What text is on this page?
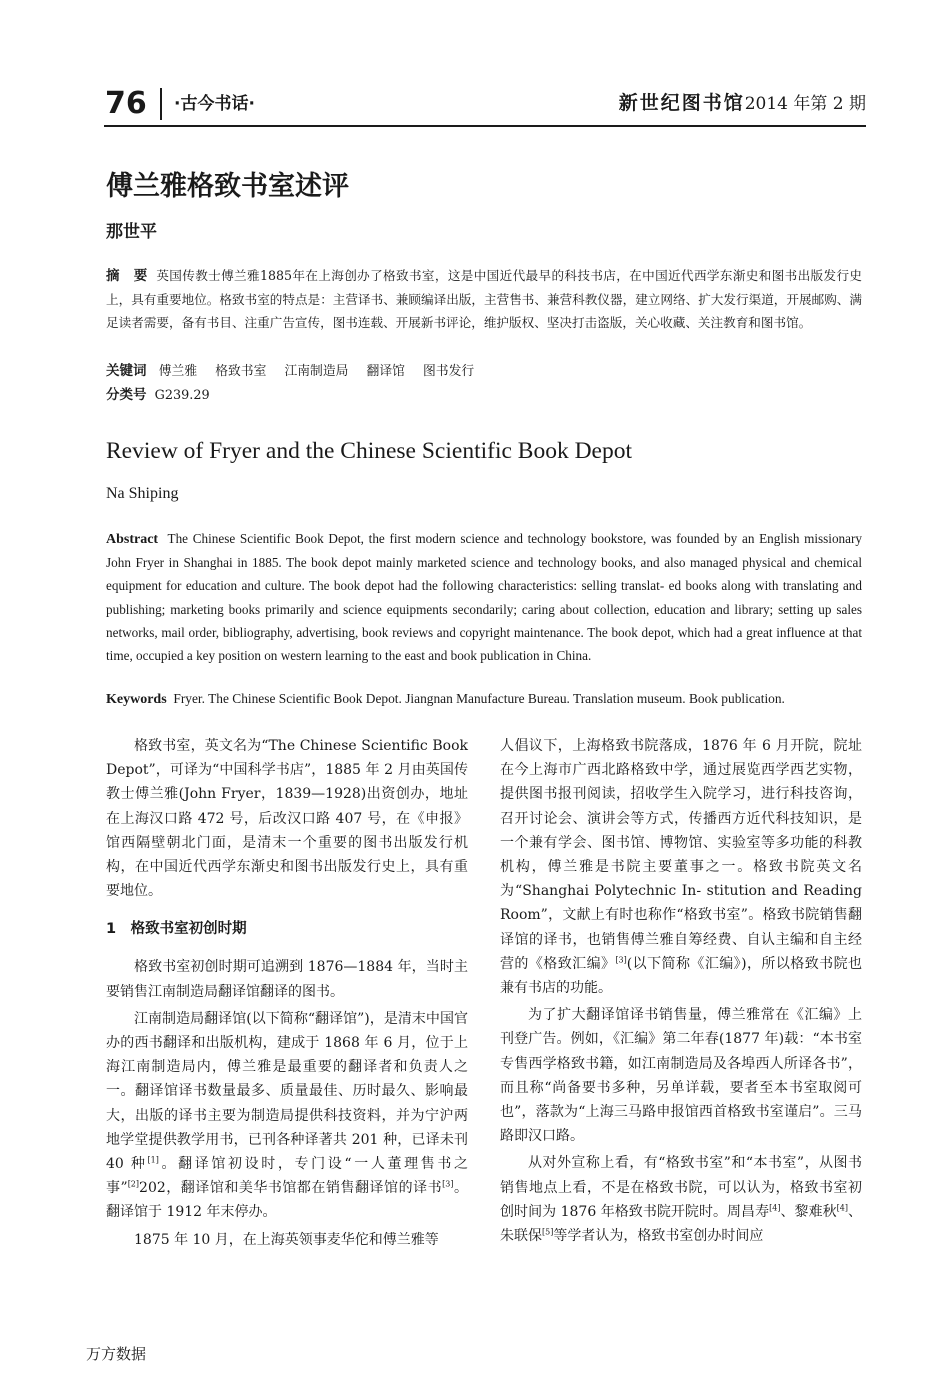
76 ·古今书话·	新世纪图书馆2014 年第 2 期
傅兰雅格致书室述评
那世平
摘　要 英国传教士傅兰雅1885年在上海创办了格致书室，这是中国近代最早的科技书店，在中国近代西学东渐史和图书出版发行史上，具有重要地位。格致书室的特点是：主营译书、兼顾编译出版，主营售书、兼营科教仪器，建立网络、扩大发行渠道，开展邮购、满足读者需要，备有书目、注重广告宣传，图书连载、开展新书评论，维护版权、坚决打击盗版，关心收藏、关注教育和图书馆。
关键词 傅兰雅 格致书室 江南制造局 翻译馆 图书发行
分类号 G239.29
Review of Fryer and the Chinese Scientific Book Depot
Na Shiping
Abstract The Chinese Scientific Book Depot, the first modern science and technology bookstore, was founded by an English missionary John Fryer in Shanghai in 1885. The book depot mainly marketed science and technology books, and also managed physical and chemical equipment for education and culture. The book depot had the following characteristics: selling translat- ed books along with translating and publishing; marketing books primarily and science equipments secondarily; caring about collection, education and library; setting up sales networks, mail order, bibliography, advertising, book reviews and copyright maintenance. The book depot, which had a great influence at that time, occupied a key position on western learning to the east and book publication in China.
Keywords Fryer. The Chinese Scientific Book Depot. Jiangnan Manufacture Bureau. Translation museum. Book publication.

格致书室，英文名为“The Chinese Scientific Book Depot”，可译为“中国科学书店”，1885 年 2 月由英国传教士傅兰雅(John Fryer，1839—1928)出资创办，地址在上海汉口路 472 号，后改汉口路 407 号，在《申报》馆西隔壁朝北门面，是清末一个重要的图书出版发行机构，在中国近代西学东渐史和图书出版发行史上，具有重要地位。

1　格致书室初创时期

格致书室初创时期可追溯到 1876—1884 年，当时主要销售江南制造局翻译馆翻译的图书。

江南制造局翻译馆(以下简称“翻译馆”)，是清末中国官办的西书翻译和出版机构，建成于 1868 年 6 月，位于上海江南制造局内，傅兰雅是最重要的翻译者和负责人之一。翻译馆译书数量最多、质量最佳、历时最久、影响最大，出版的译书主要为制造局提供科技资料，并为宁沪两地学堂提供教学用书，已刊各种译著共 201 种，已译未刊 40 种[1]。翻译馆初设时，专门设“一人董理售书之事”[2]202，翻译馆和美华书馆都在销售翻译馆的译书[3]。翻译馆于 1912 年末停办。

1875 年 10 月，在上海英领事麦华佗和傅兰雅等

人倡议下，上海格致书院落成，1876 年 6 月开院，院址在今上海市广西北路格致中学，通过展览西学西艺实物，提供图书报刊阅读，招收学生入院学习，进行科技咨询，召开讨论会、演讲会等方式，传播西方近代科技知识，是一个兼有学会、图书馆、博物馆、实验室等多功能的科教机构，傅兰雅是书院主要董事之一。格致书院英文名为“Shanghai Polytechnic In- stitution and Reading Room”，文献上有时也称作“格致书室”。格致书院销售翻译馆的译书，也销售傅兰雅自筹经费、自认主编和自主经营的《格致汇编》[3](以下简称《汇编》)，所以格致书院也兼有书店的功能。

为了扩大翻译馆译书销售量，傅兰雅常在《汇编》上刊登广告。例如，《汇编》第二年春(1877 年)载：“本书室专售西学格致书籍，如江南制造局及各埠西人所译各书”，而且称“尚备要书多种，另单详载，要者至本书室取阅可也”，落款为“上海三马路申报馆西首格致书室谨启”。三马路即汉口路。

从对外宣称上看，有“格致书室”和“本书室”，从图书销售地点上看，不是在格致书院，可以认为，格致书室初创时间为 1876 年格致书院开院时。周昌寿[4]、黎难秋[4]、朱联保[5]等学者认为，格致书室创办时间应

万方数据
